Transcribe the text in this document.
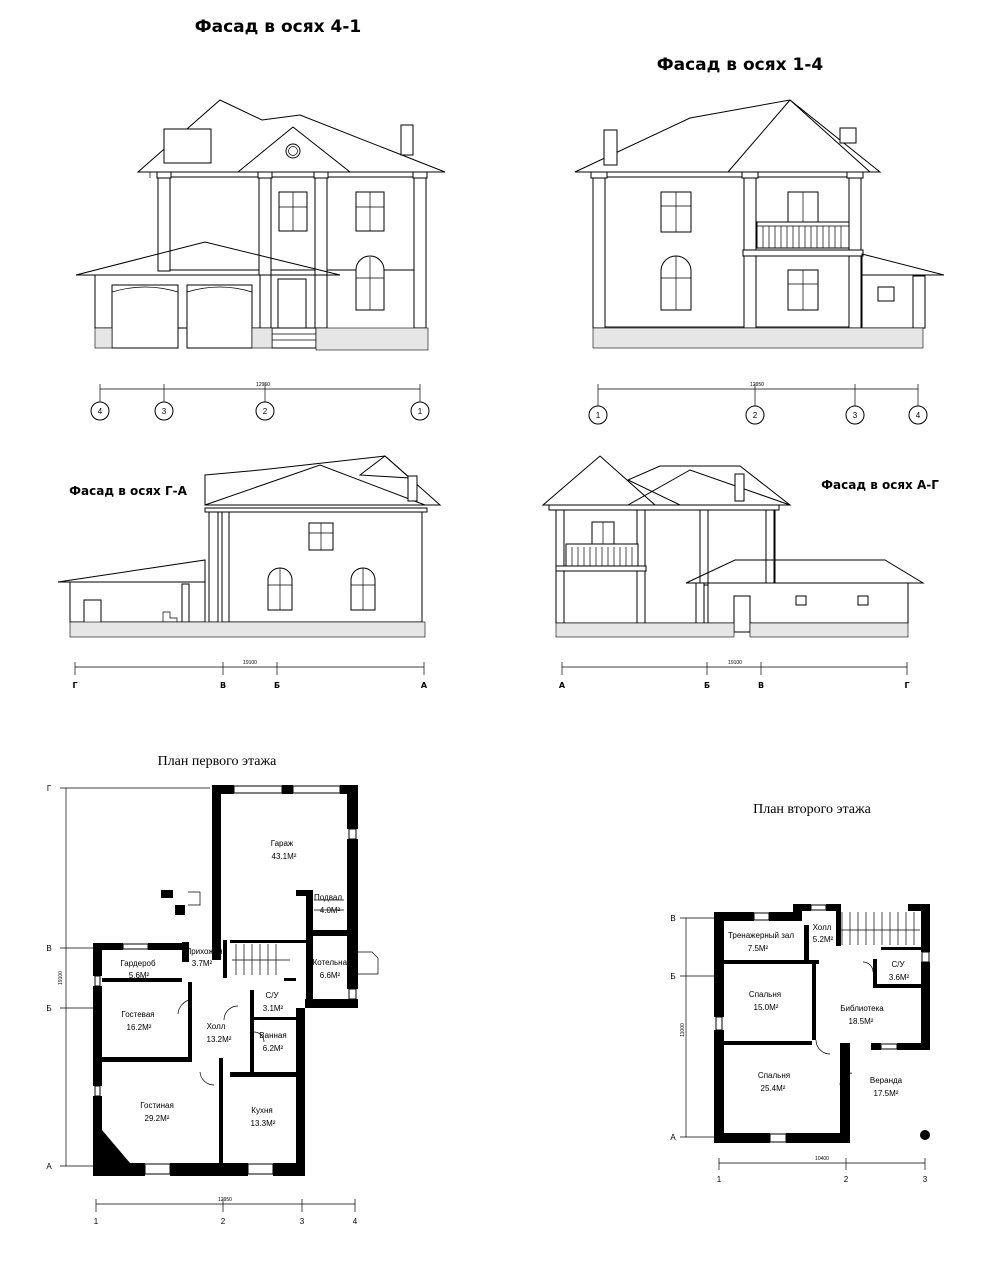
Фасад в осях 4-1
12950
4	3	2	1
Фасад в осях 1-4
12950
1	2	3	4
Фасад в осях Г-А
19100
Г	В	Б	А
Фасад в осях А-Г
19100
А	Б	В	Г
План первого этажа
19100
Г
В
Б
А
12950
1	2	3	4
Гараж
43.1М²
Подвал
4.0М²
Котельная
6.6М²
Прихожая
3.7М²
Гардероб
5.6М²
Гостевая
16.2М²	Холл
13.2М²
С/У
3.1М²
Ванная
6.2М²
Гостиная
29.2М²
Кухня
13.3М²
План второго этажа
11000
В
Б
А
10400
1	2	3
Тренажерный зал
7.5М²
Холл
5.2М²
С/У
3.6М²
Спальня
15.0М²	Библиотека
18.5М²
Спальня
25.4М²
Веранда
17.5М²
